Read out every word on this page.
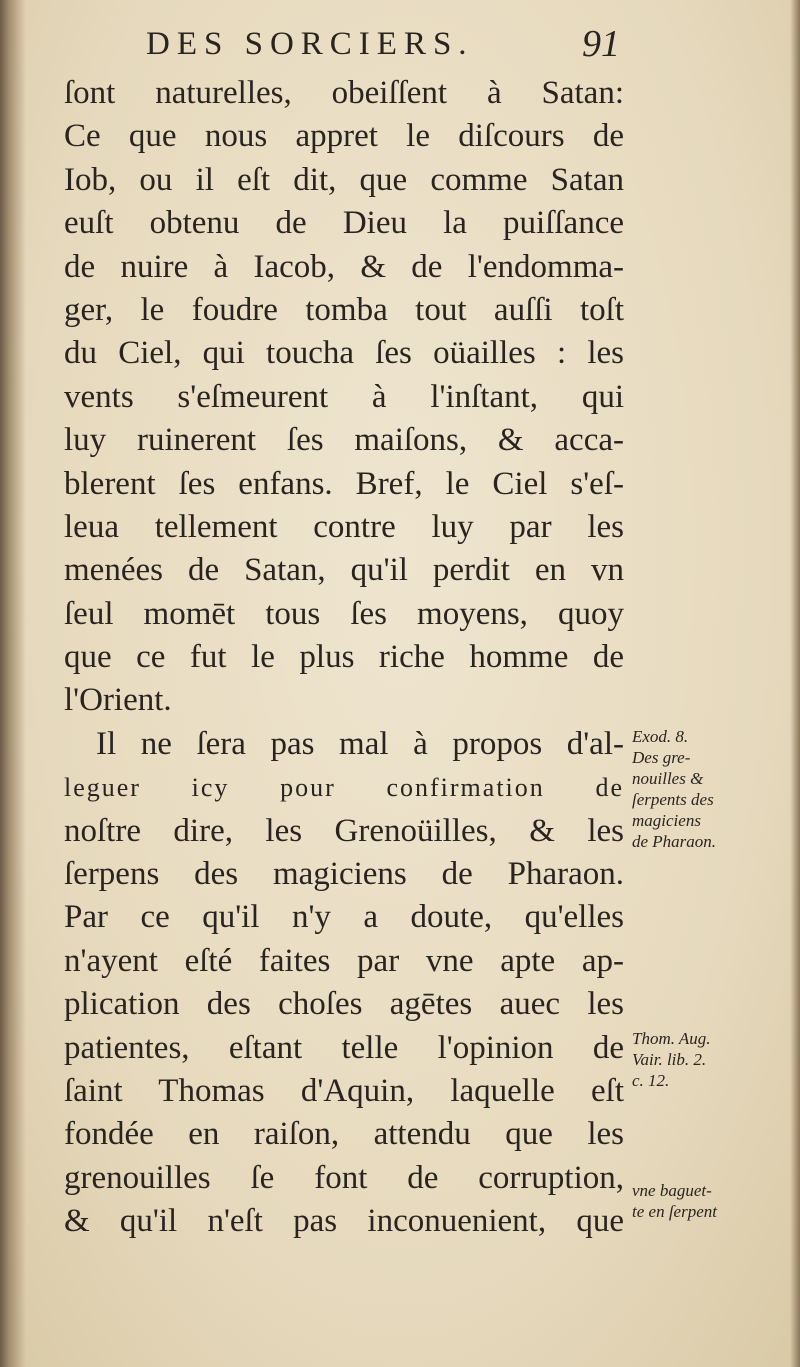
DES SORCIERS.	91
ſont naturelles, obeiſſent à Satan:
Ce que nous appret le diſcours de
Iob, ou il eſt dit, que comme Satan
euſt obtenu de Dieu la puiſſance
de nuire à Iacob, & de l'endomma-
ger, le foudre tomba tout auſſi toſt
du Ciel, qui toucha ſes oüailles : les
vents s'eſmeurent à l'inſtant, qui
luy ruinerent ſes maiſons, & acca-
blerent ſes enfans. Bref, le Ciel s'eſ-
leua tellement contre luy par les
menées de Satan, qu'il perdit en vn
ſeul momēt tous ſes moyens, quoy
que ce fut le plus riche homme de
l'Orient.
Il ne ſera pas mal à propos d'al-
leguer icy pour confirmation de
noſtre dire, les Grenoüilles, & les
ſerpens des magiciens de Pharaon.
Par ce qu'il n'y a doute, qu'elles
n'ayent eſté faites par vne apte ap-
plication des choſes agētes auec les
patientes, eſtant telle l'opinion de
ſaint Thomas d'Aquin, laquelle eſt
fondée en raiſon, attendu que les
grenouilles ſe font de corruption,
& qu'il n'eſt pas inconuenient, que
Exod. 8.
Des gre-
nouilles &
ſerpents des
magiciens
de Pharaon.
Thom. Aug.
Vair. lib. 2.
c. 12.
vne baguet-
te en ſerpent
